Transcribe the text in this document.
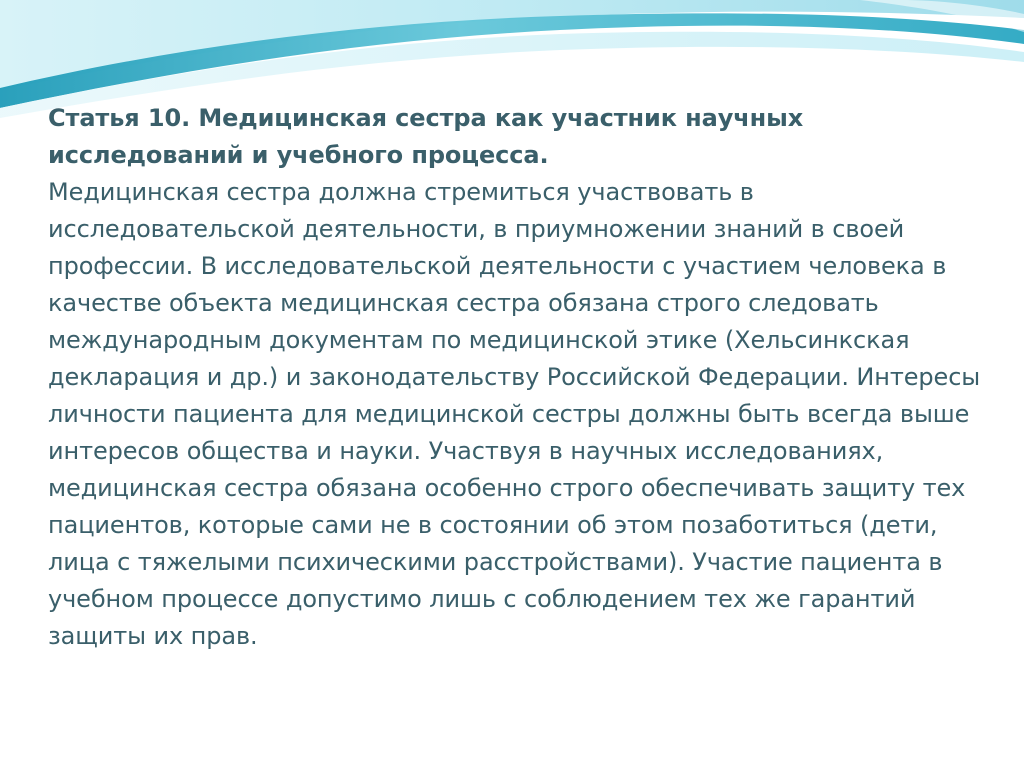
Статья 10. Медицинская сестра как участник научных исследований и учебного процесса.

Медицинская сестра должна стремиться участвовать в исследовательской деятельности, в приумножении знаний в своей профессии. В исследовательской деятельности с участием человека в качестве объекта медицинская сестра обязана строго следовать международным документам по медицинской этике (Хельсинкская декларация и др.) и законодательству Российской Федерации. Интересы личности пациента для медицинской сестры должны быть всегда выше интересов общества и науки. Участвуя в научных исследованиях, медицинская сестра обязана особенно строго обеспечивать защиту тех пациентов, которые сами не в состоянии об этом позаботиться (дети, лица с тяжелыми психическими расстройствами). Участие пациента в учебном процессе допустимо лишь с соблюдением тех же гарантий защиты их прав.
